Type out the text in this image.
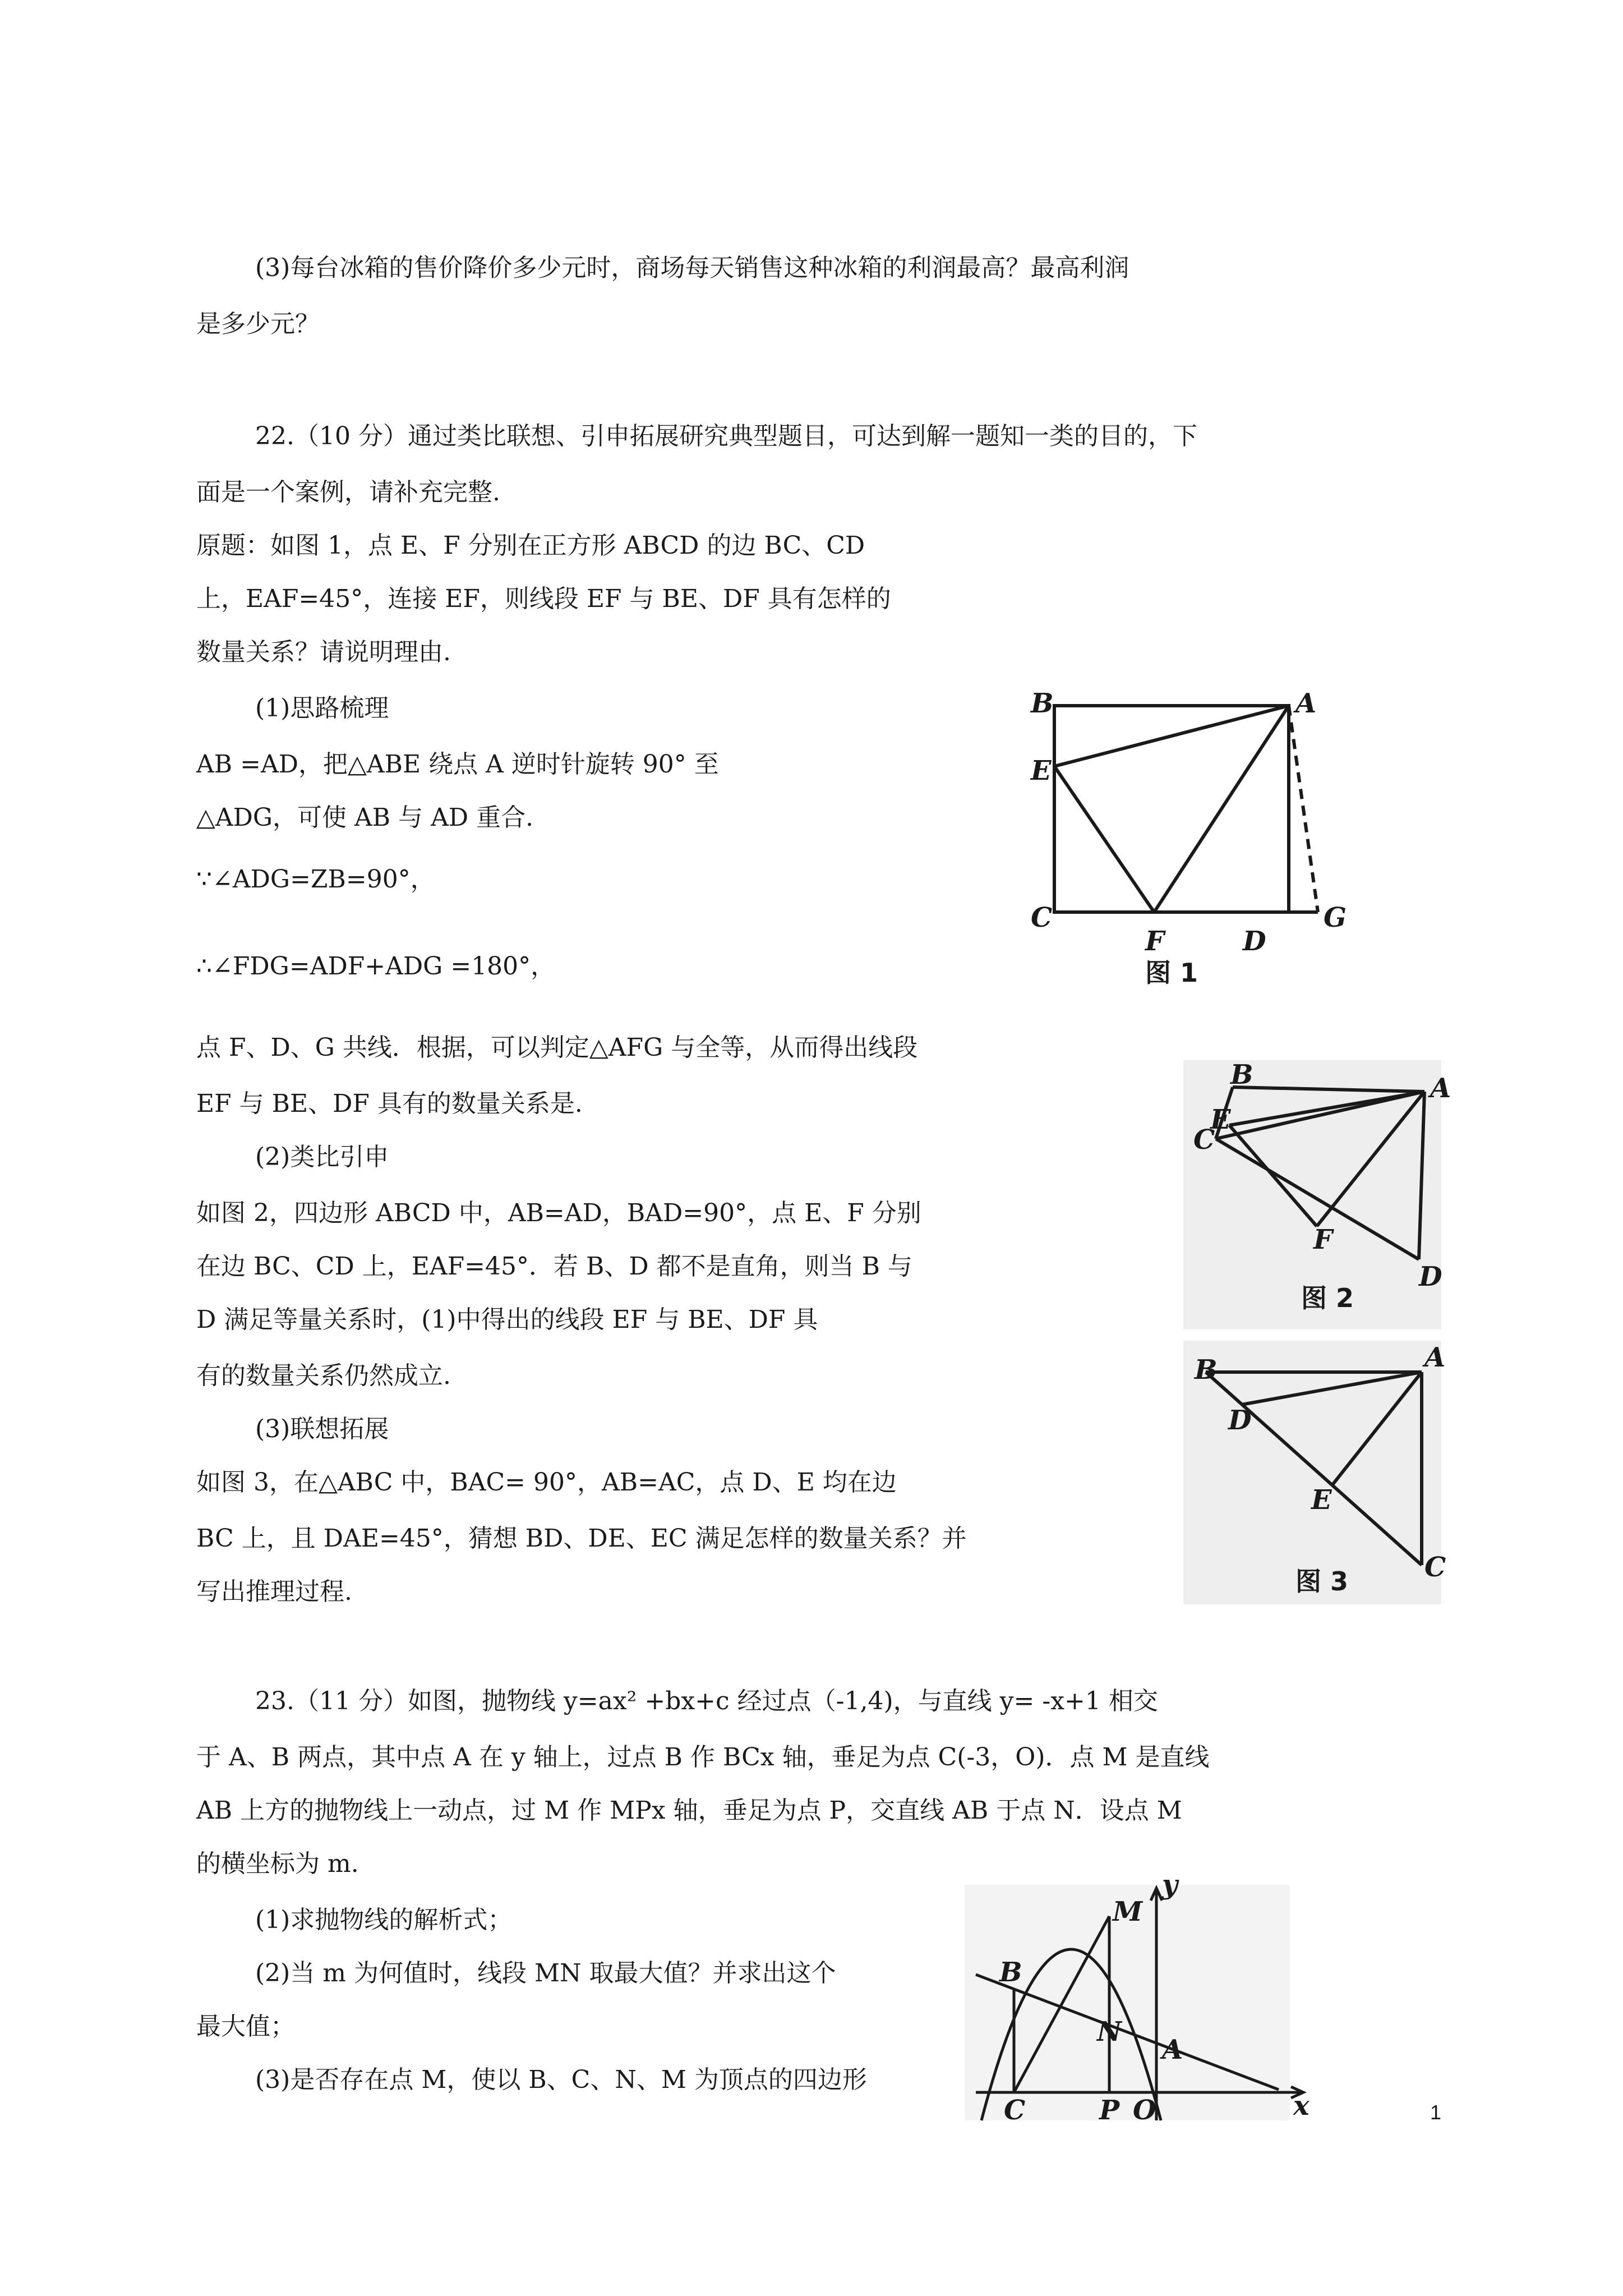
(3)每台冰箱的售价降价多少元时，商场每天销售这种冰箱的利润最高？最高利润
是多少元？
22.（10 分）通过类比联想、引申拓展研究典型题目，可达到解一题知一类的目的，下
面是一个案例，请补充完整.
原题：如图 1，点 E、F 分别在正方形 ABCD 的边 BC、CD
上，EAF=45°，连接 EF，则线段 EF 与 BE、DF 具有怎样的
数量关系？请说明理由.
(1)思路梳理
AB =AD，把△ABE 绕点 A 逆时针旋转 90° 至
△ADG，可使 AB 与 AD 重合.
∵∠ADG=ZB=90°，
∴∠FDG=ADF+ADG =180°，
点 F、D、G 共线．根据，可以判定△AFG 与全等，从而得出线段
EF 与 BE、DF 具有的数量关系是.
(2)类比引申
如图 2，四边形 ABCD 中，AB=AD，BAD=90°，点 E、F 分别
在边 BC、CD 上，EAF=45°．若 B、D 都不是直角，则当 B 与
D 满足等量关系时，(1)中得出的线段 EF 与 BE、DF 具
有的数量关系仍然成立.
(3)联想拓展
如图 3，在△ABC 中，BAC= 90°，AB=AC，点 D、E 均在边
BC 上，且 DAE=45°，猜想 BD、DE、EC 满足怎样的数量关系？并
写出推理过程.
23.（11 分）如图，抛物线 y=ax² +bx+c 经过点（-1,4)，与直线 y= -x+1 相交
于 A、B 两点，其中点 A 在 y 轴上，过点 B 作 BCx 轴，垂足为点 C(-3，O)．点 M 是直线
AB 上方的抛物线上一动点，过 M 作 MPx 轴，垂足为点 P，交直线 AB 于点 N．设点 M
的横坐标为 m.
(1)求抛物线的解析式；
(2)当 m 为何值时，线段 MN 取最大值？并求出这个
最大值；
(3)是否存在点 M，使以 B、C、N、M 为顶点的四边形
B	A
E
C
F	D
G
图 1
B	A
E
C
F
D
图 2
B	A
D
E
C
图 3
y
M
B
N
A
C	P O	x	1
